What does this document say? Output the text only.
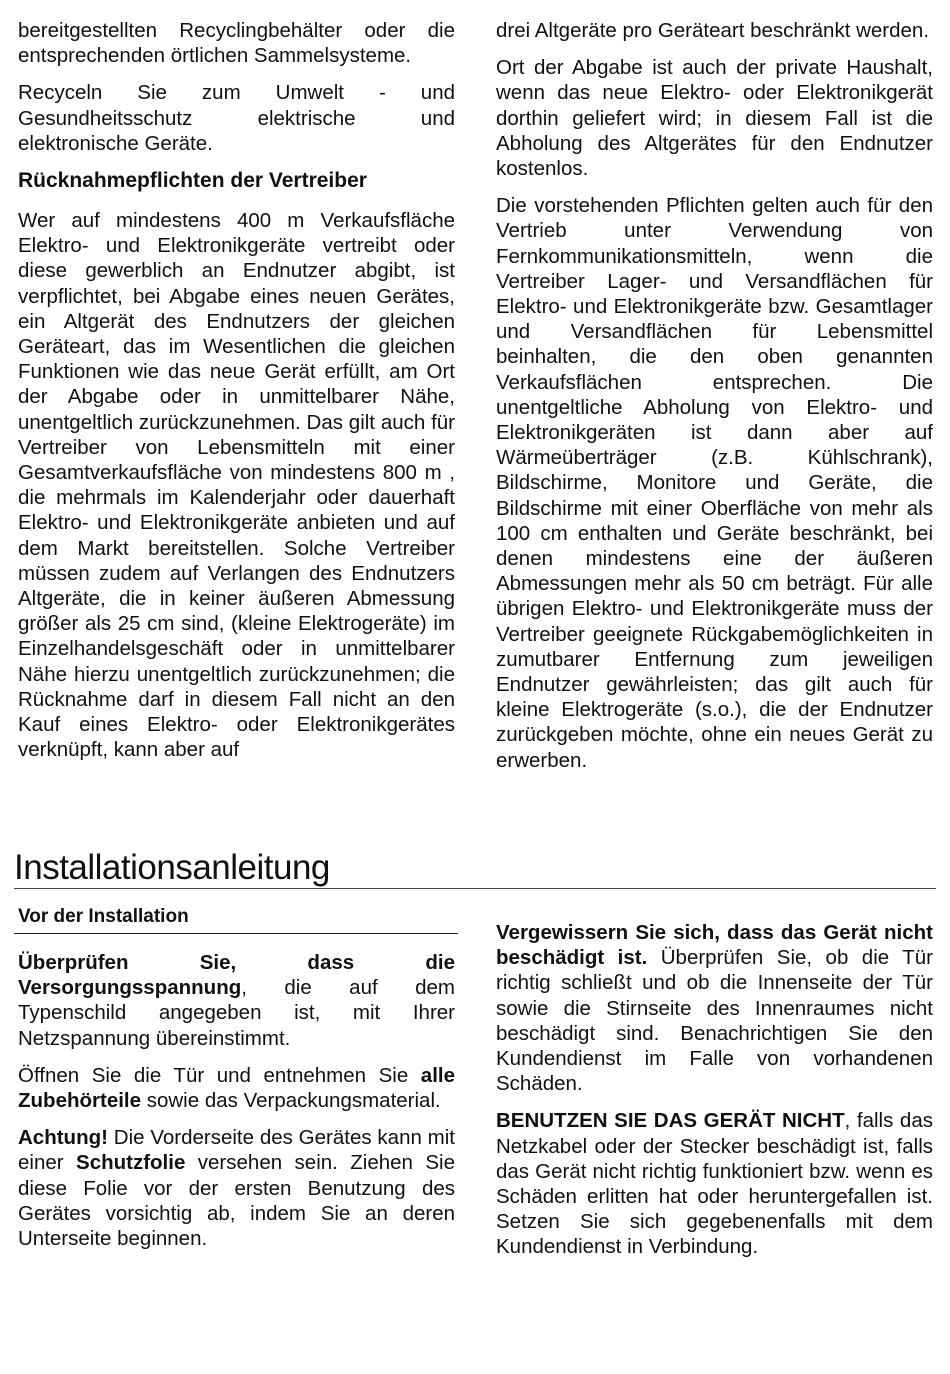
bereitgestellten Recyclingbehälter oder die entsprechenden örtlichen Sammelsysteme.

Recyceln Sie zum Umwelt - und Gesundheitsschutz elektrische und elektronische Geräte.

Rücknahmepflichten der Vertreiber

Wer auf mindestens 400 m Verkaufsfläche Elektro- und Elektronikgeräte vertreibt oder diese gewerblich an Endnutzer abgibt, ist verpflichtet, bei Abgabe eines neuen Gerätes, ein Altgerät des Endnutzers der gleichen Geräteart, das im Wesentlichen die gleichen Funktionen wie das neue Gerät erfüllt, am Ort der Abgabe oder in unmittelbarer Nähe, unentgeltlich zurückzunehmen. Das gilt auch für Vertreiber von Lebensmitteln mit einer Gesamtverkaufsfläche von mindestens 800 m , die mehrmals im Kalenderjahr oder dauerhaft Elektro- und Elektronikgeräte anbieten und auf dem Markt bereitstellen. Solche Vertreiber müssen zudem auf Verlangen des Endnutzers Altgeräte, die in keiner äußeren Abmessung größer als 25 cm sind, (kleine Elektrogeräte) im Einzelhandelsgeschäft oder in unmittelbarer Nähe hierzu unentgeltlich zurückzunehmen; die Rücknahme darf in diesem Fall nicht an den Kauf eines Elektro- oder Elektronikgerätes verknüpft, kann aber auf

drei Altgeräte pro Geräteart beschränkt werden.

Ort der Abgabe ist auch der private Haushalt, wenn das neue Elektro- oder Elektronikgerät dorthin geliefert wird; in diesem Fall ist die Abholung des Altgerätes für den Endnutzer kostenlos.

Die vorstehenden Pflichten gelten auch für den Vertrieb unter Verwendung von Fernkommunikationsmitteln, wenn die Vertreiber Lager- und Versandflächen für Elektro- und Elektronikgeräte bzw. Gesamtlager und Versandflächen für Lebensmittel beinhalten, die den oben genannten Verkaufsflächen entsprechen. Die unentgeltliche Abholung von Elektro- und Elektronikgeräten ist dann aber auf Wärmeüberträger (z.B. Kühlschrank), Bildschirme, Monitore und Geräte, die Bildschirme mit einer Oberfläche von mehr als 100 cm enthalten und Geräte beschränkt, bei denen mindestens eine der äußeren Abmessungen mehr als 50 cm beträgt. Für alle übrigen Elektro- und Elektronikgeräte muss der Vertreiber geeignete Rückgabemöglichkeiten in zumutbarer Entfernung zum jeweiligen Endnutzer gewährleisten; das gilt auch für kleine Elektrogeräte (s.o.), die der Endnutzer zurückgeben möchte, ohne ein neues Gerät zu erwerben.

Installationsanleitung
Vor der Installation

Überprüfen Sie, dass die Versorgungsspannung, die auf dem Typenschild angegeben ist, mit Ihrer Netzspannung übereinstimmt.

Öffnen Sie die Tür und entnehmen Sie alle Zubehörteile sowie das Verpackungsmaterial.

Achtung! Die Vorderseite des Gerätes kann mit einer Schutzfolie versehen sein. Ziehen Sie diese Folie vor der ersten Benutzung des Gerätes vorsichtig ab, indem Sie an deren Unterseite beginnen.

Vergewissern Sie sich, dass das Gerät nicht beschädigt ist. Überprüfen Sie, ob die Tür richtig schließt und ob die Innenseite der Tür sowie die Stirnseite des Innenraumes nicht beschädigt sind. Benachrichtigen Sie den Kundendienst im Falle von vorhandenen Schäden.

BENUTZEN SIE DAS GERÄT NICHT, falls das Netzkabel oder der Stecker beschädigt ist, falls das Gerät nicht richtig funktioniert bzw. wenn es Schäden erlitten hat oder heruntergefallen ist. Setzen Sie sich gegebenenfalls mit dem Kundendienst in Verbindung.
